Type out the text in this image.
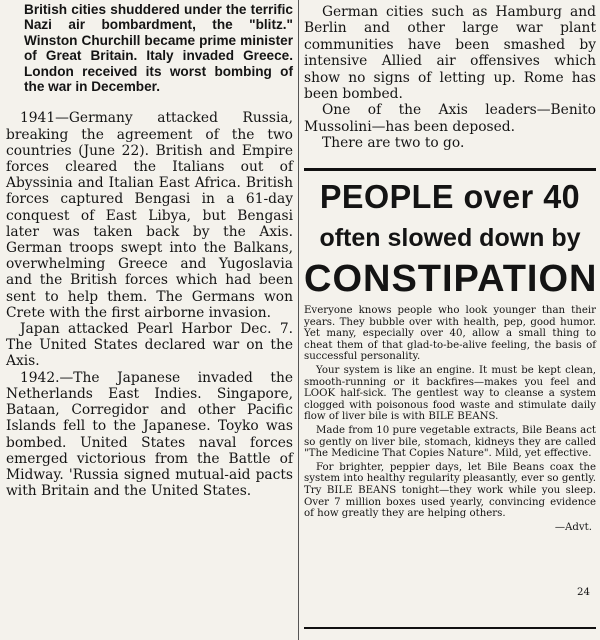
British cities shuddered under the terrific Nazi air bombardment, the "blitz." Winston Churchill became prime minister of Great Britain. Italy invaded Greece. London received its worst bombing of the war in December.

1941—Germany attacked Russia, breaking the agreement of the two countries (June 22). British and Empire forces cleared the Italians out of Abyssinia and Italian East Africa. British forces captured Bengasi in a 61-day conquest of East Libya, but Bengasi later was taken back by the Axis. German troops swept into the Balkans, overwhelming Greece and Yugoslavia and the British forces which had been sent to help them. The Germans won Crete with the first airborne invasion.

Japan attacked Pearl Harbor Dec. 7. The United States declared war on the Axis.

1942.—The Japanese invaded the Netherlands East Indies. Singapore, Bataan, Corregidor and other Pacific Islands fell to the Japanese. Toyko was bombed. United States naval forces emerged victorious from the Battle of Midway. 'Russia signed mutual-aid pacts with Britain and the United States.

German cities such as Hamburg and Berlin and other large war plant communities have been smashed by intensive Allied air offensives which show no signs of letting up. Rome has been bombed.

One of the Axis leaders—Benito Mussolini—has been deposed.

There are two to go.

PEOPLE over 40
often slowed down by
CONSTIPATION

Everyone knows people who look younger than their years. They bubble over with health, pep, good humor. Yet many, especially over 40, allow a small thing to cheat them of that glad-to-be-alive feeling, the basis of successful personality.

Your system is like an engine. It must be kept clean, smooth-running or it backfires—makes you feel and LOOK half-sick. The gentlest way to cleanse a system clogged with poisonous food waste and stimulate daily flow of liver bile is with BILE BEANS.

Made from 10 pure vegetable extracts, Bile Beans act so gently on liver bile, stomach, kidneys they are called "The Medicine That Copies Nature". Mild, yet effective.

For brighter, peppier days, let Bile Beans coax the system into healthy regularity pleasantly, ever so gently. Try BILE BEANS tonight—they work while you sleep. Over 7 million boxes used yearly, convincing evidence of how greatly they are helping others.

24

—Advt.
